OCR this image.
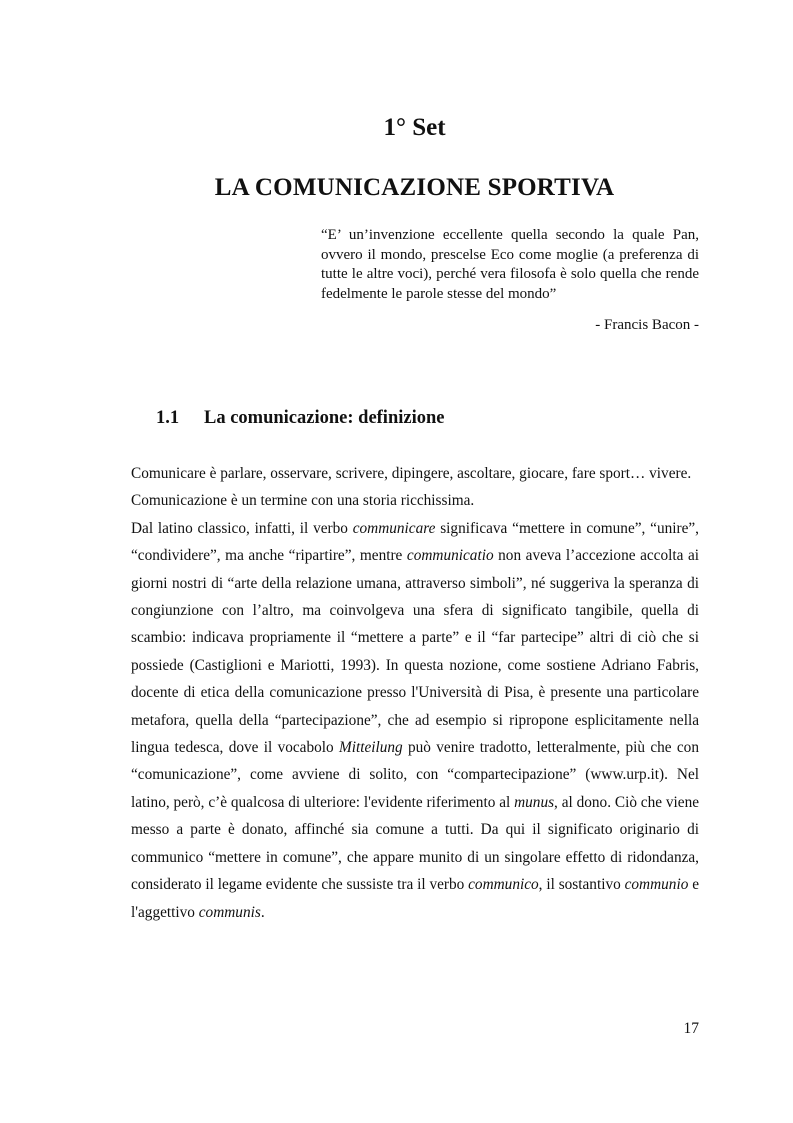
1° Set
LA COMUNICAZIONE SPORTIVA
“E’ un’invenzione eccellente quella secondo la quale Pan, ovvero il mondo, prescelse Eco come moglie (a preferenza di tutte le altre voci), perché vera filosofa è solo quella che rende fedelmente le parole stesse del mondo”
- Francis Bacon -
1.1 La comunicazione: definizione

Comunicare è parlare, osservare, scrivere, dipingere, ascoltare, giocare, fare sport… vivere.

Comunicazione è un termine con una storia ricchissima.

Dal latino classico, infatti, il verbo communicare significava “mettere in comune”, “unire”, “condividere”, ma anche “ripartire”, mentre communicatio non aveva l’accezione accolta ai giorni nostri di “arte della relazione umana, attraverso simboli”, né suggeriva la speranza di congiunzione con l’altro, ma coinvolgeva una sfera di significato tangibile, quella di scambio: indicava propriamente il “mettere a parte” e il “far partecipe” altri di ciò che si possiede (Castiglioni e Mariotti, 1993). In questa nozione, come sostiene Adriano Fabris, docente di etica della comunicazione presso l'Università di Pisa, è presente una particolare metafora, quella della “partecipazione”, che ad esempio si ripropone esplicitamente nella lingua tedesca, dove il vocabolo Mitteilung può venire tradotto, letteralmente, più che con “comunicazione”, come avviene di solito, con “compartecipazione” (www.urp.it). Nel latino, però, c’è qualcosa di ulteriore: l'evidente riferimento al munus, al dono. Ciò che viene messo a parte è donato, affinché sia comune a tutti. Da qui il significato originario di communico “mettere in comune”, che appare munito di un singolare effetto di ridondanza, considerato il legame evidente che sussiste tra il verbo communico, il sostantivo communio e l'aggettivo communis.

17
